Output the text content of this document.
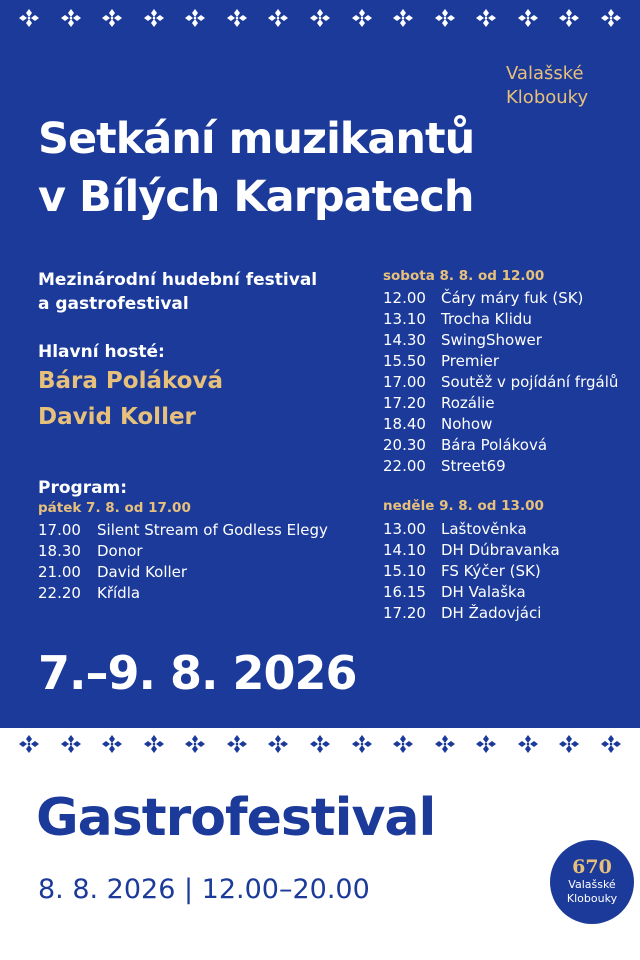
Valašské
Klobouky
Setkání muzikantů
v Bílých Karpatech
Mezinárodní hudební festival
a gastrofestival
Hlavní hosté:
Bára Poláková
David Koller
Program:
pátek 7. 8. od 17.00
17.00	Silent Stream of Godless Elegy
18.30	Donor
21.00	David Koller
22.20	Křídla
sobota 8. 8. od 12.00
12.00	Čáry máry fuk (SK)
13.10	Trocha Klidu
14.30	SwingShower
15.50	Premier
17.00	Soutěž v pojídání frgálů
17.20	Rozálie
18.40	Nohow
20.30	Bára Poláková
22.00	Street69
neděle 9. 8. od 13.00
13.00	Laštověnka
14.10	DH Dúbravanka
15.10	FS Kýčer (SK)
16.15	DH Valaška
17.20	DH Žadovjáci
7.–9. 8. 2026
Gastrofestival
8. 8. 2026 | 12.00–20.00
670
Valašské
Klobouky
